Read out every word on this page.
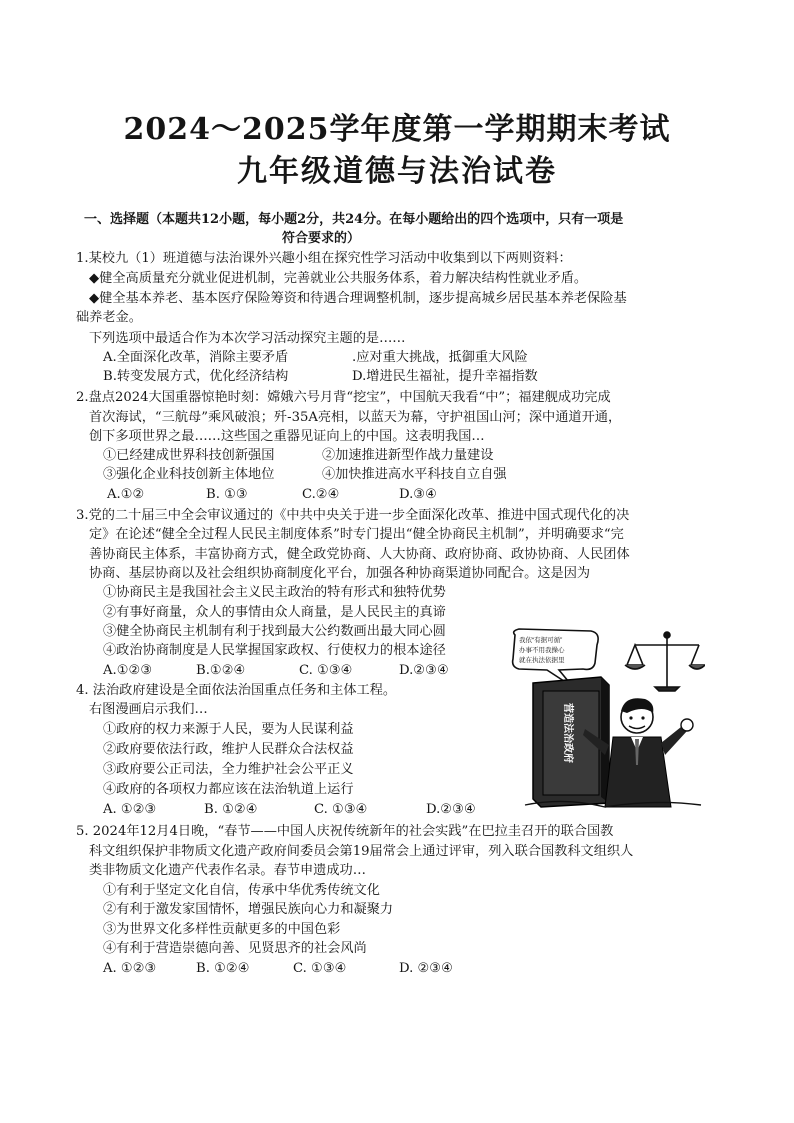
2024～2025学年度第一学期期末考试
九年级道德与法治试卷
一、选择题（本题共12小题，每小题2分，共24分。在每小题给出的四个选项中，只有一项是
符合要求的）
1.某校九（1）班道德与法治课外兴趣小组在探究性学习活动中收集到以下两则资料：
◆健全高质量充分就业促进机制，完善就业公共服务体系，着力解决结构性就业矛盾。
◆健全基本养老、基本医疗保险筹资和待遇合理调整机制，逐步提高城乡居民基本养老保险基
础养老金。
下列选项中最适合作为本次学习活动探究主题的是……
A.全面深化改革，消除主要矛盾	.应对重大挑战，抵御重大风险
B.转变发展方式，优化经济结构	D.增进民生福祉，提升幸福指数
2.盘点2024大国重器惊艳时刻：嫦娥六号月背“挖宝”，中国航天我看“中”；福建舰成功完成
首次海试，“三航母”乘风破浪；歼-35A亮相，以蓝天为幕，守护祖国山河；深中通道开通，
创下多项世界之最……这些国之重器见证向上的中国。这表明我国…
①已经建成世界科技创新强国	②加速推进新型作战力量建设
③强化企业科技创新主体地位	④加快推进高水平科技自立自强
A.①②	B. ①③	C.②④	D.③④
3.党的二十届三中全会审议通过的《中共中央关于进一步全面深化改革、推进中国式现代化的决
定》在论述“健全全过程人民民主制度体系”时专门提出“健全协商民主机制”，并明确要求“完
善协商民主体系，丰富协商方式，健全政党协商、人大协商、政府协商、政协协商、人民团体
协商、基层协商以及社会组织协商制度化平台，加强各种协商渠道协同配合。这是因为
①协商民主是我国社会主义民主政治的特有形式和独特优势
②有事好商量，众人的事情由众人商量，是人民民主的真谛
③健全协商民主机制有利于找到最大公约数画出最大同心圆
④政治协商制度是人民掌握国家政权、行使权力的根本途径
A.①②③	B.①②④	C. ①③④	D.②③④
4. 法治政府建设是全面依法治国重点任务和主体工程。
右图漫画启示我们…
①政府的权力来源于人民，要为人民谋利益
②政府要依法行政，维护人民群众合法权益
③政府要公正司法，全力维护社会公平正义
④政府的各项权力都应该在法治轨道上运行
A. ①②③	B. ①②④	C. ①③④	D.②③④
我依“有据可循”
办事不用我操心
就在执法依据里
营造法治政府
5. 2024年12月4日晚，“春节——中国人庆祝传统新年的社会实践”在巴拉圭召开的联合国教
科文组织保护非物质文化遗产政府间委员会第19届常会上通过评审，列入联合国教科文组织人
类非物质文化遗产代表作名录。春节申遗成功…
①有利于坚定文化自信，传承中华优秀传统文化
②有利于激发家国情怀，增强民族向心力和凝聚力
③为世界文化多样性贡献更多的中国色彩
④有利于营造崇德向善、见贤思齐的社会风尚
A. ①②③	B. ①②④	C. ①③④	D. ②③④
